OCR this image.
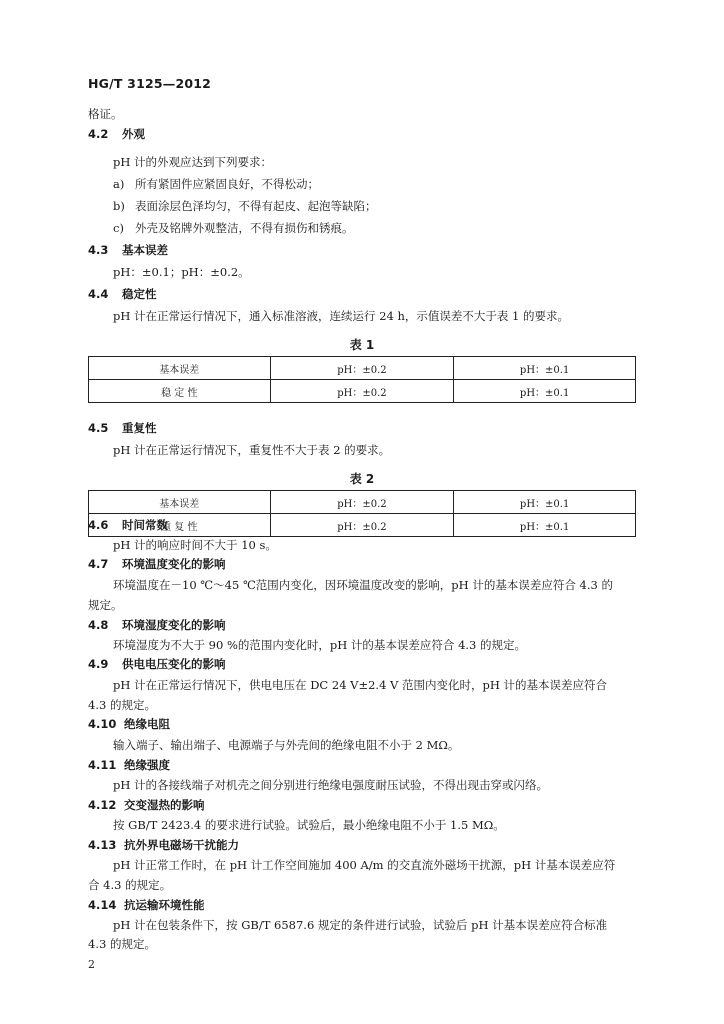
HG/T 3125—2012
格证。
4.2 外观
pH 计的外观应达到下列要求：
a) 所有紧固件应紧固良好，不得松动；
b) 表面涂层色泽均匀，不得有起皮、起泡等缺陷；
c) 外壳及铭牌外观整洁，不得有损伤和锈痕。
4.3 基本误差
pH：±0.1；pH：±0.2。
4.4 稳定性
pH 计在正常运行情况下，通入标准溶液，连续运行 24 h，示值误差不大于表 1 的要求。
表 1
基本误差	pH：±0.2	pH：±0.1
稳 定 性	pH：±0.2	pH：±0.1
4.5 重复性
pH 计在正常运行情况下，重复性不大于表 2 的要求。
表 2
基本误差	pH：±0.2	pH：±0.1
重 复 性	pH：±0.2	pH：±0.1
4.6 时间常数
pH 计的响应时间不大于 10 s。
4.7 环境温度变化的影响
环境温度在－10 ℃～45 ℃范围内变化，因环境温度改变的影响，pH 计的基本误差应符合 4.3 的
规定。
4.8 环境湿度变化的影响
环境湿度为不大于 90 %的范围内变化时，pH 计的基本误差应符合 4.3 的规定。
4.9 供电电压变化的影响
pH 计在正常运行情况下，供电电压在 DC 24 V±2.4 V 范围内变化时，pH 计的基本误差应符合
4.3 的规定。
4.10 绝缘电阻
输入端子、输出端子、电源端子与外壳间的绝缘电阻不小于 2 MΩ。
4.11 绝缘强度
pH 计的各接线端子对机壳之间分别进行绝缘电强度耐压试验，不得出现击穿或闪络。
4.12 交变湿热的影响
按 GB/T 2423.4 的要求进行试验。试验后，最小绝缘电阻不小于 1.5 MΩ。
4.13 抗外界电磁场干扰能力
2
pH 计正常工作时，在 pH 计工作空间施加 400 A/m 的交直流外磁场干扰源，pH 计基本误差应符
合 4.3 的规定。
4.14 抗运输环境性能
pH 计在包装条件下，按 GB/T 6587.6 规定的条件进行试验，试验后 pH 计基本误差应符合标准
4.3 的规定。
